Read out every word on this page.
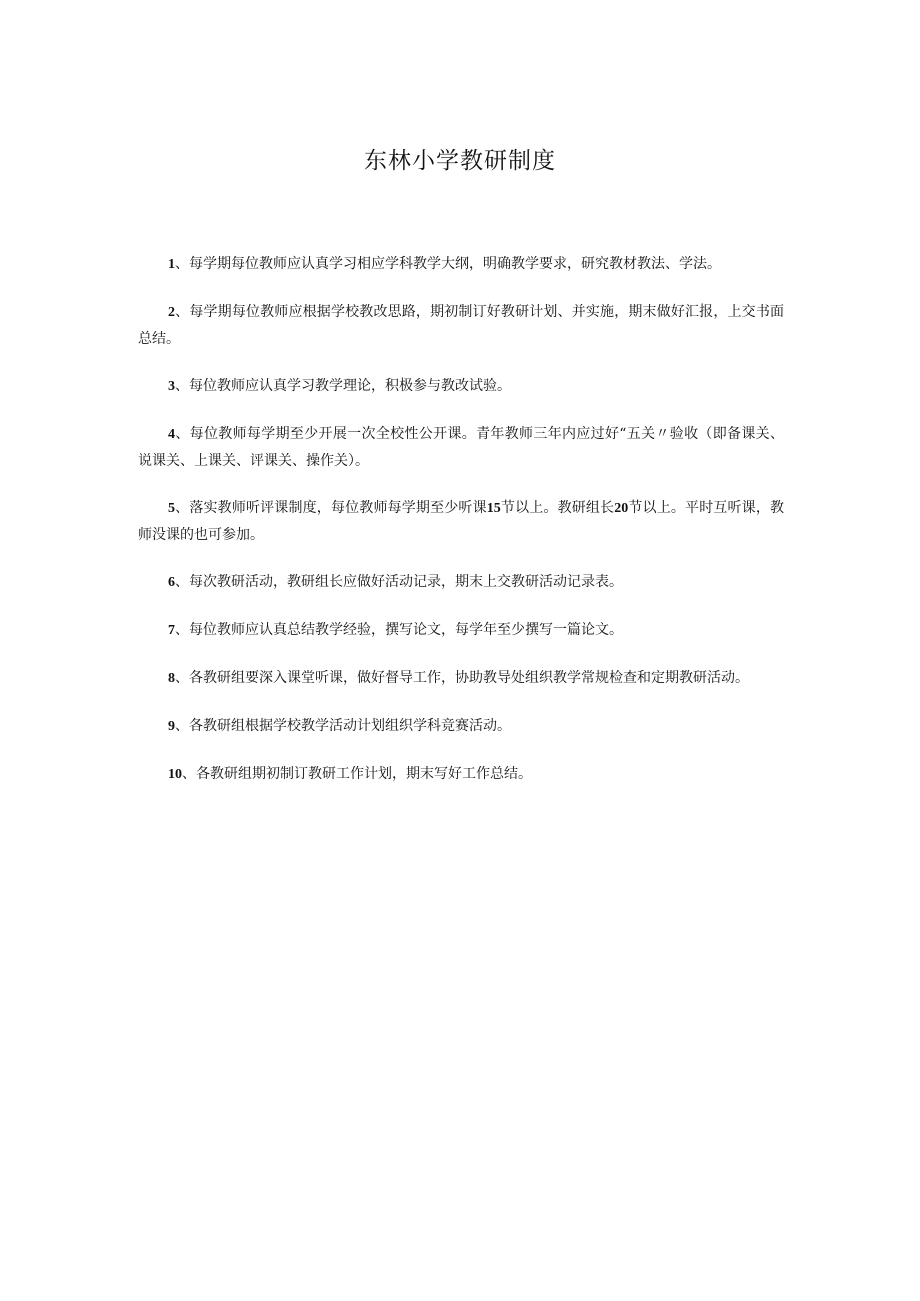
东林小学教研制度

1、每学期每位教师应认真学习相应学科教学大纲，明确教学要求，研究教材教法、学法。

2、每学期每位教师应根据学校教改思路，期初制订好教研计划、并实施，期末做好汇报，上交书面总结。

3、每位教师应认真学习教学理论，积极参与教改试验。

4、每位教师每学期至少开展一次全校性公开课。青年教师三年内应过好“五关〃验收（即备课关、说课关、上课关、评课关、操作关）。

5、落实教师听评课制度，每位教师每学期至少听课15节以上。教研组长20节以上。平时互听课，教师没课的也可参加。

6、每次教研活动，教研组长应做好活动记录，期末上交教研活动记录表。

7、每位教师应认真总结教学经验，撰写论文，每学年至少撰写一篇论文。

8、各教研组要深入课堂听课，做好督导工作，协助教导处组织教学常规检查和定期教研活动。

9、各教研组根据学校教学活动计划组织学科竞赛活动。

10、各教研组期初制订教研工作计划，期末写好工作总结。
